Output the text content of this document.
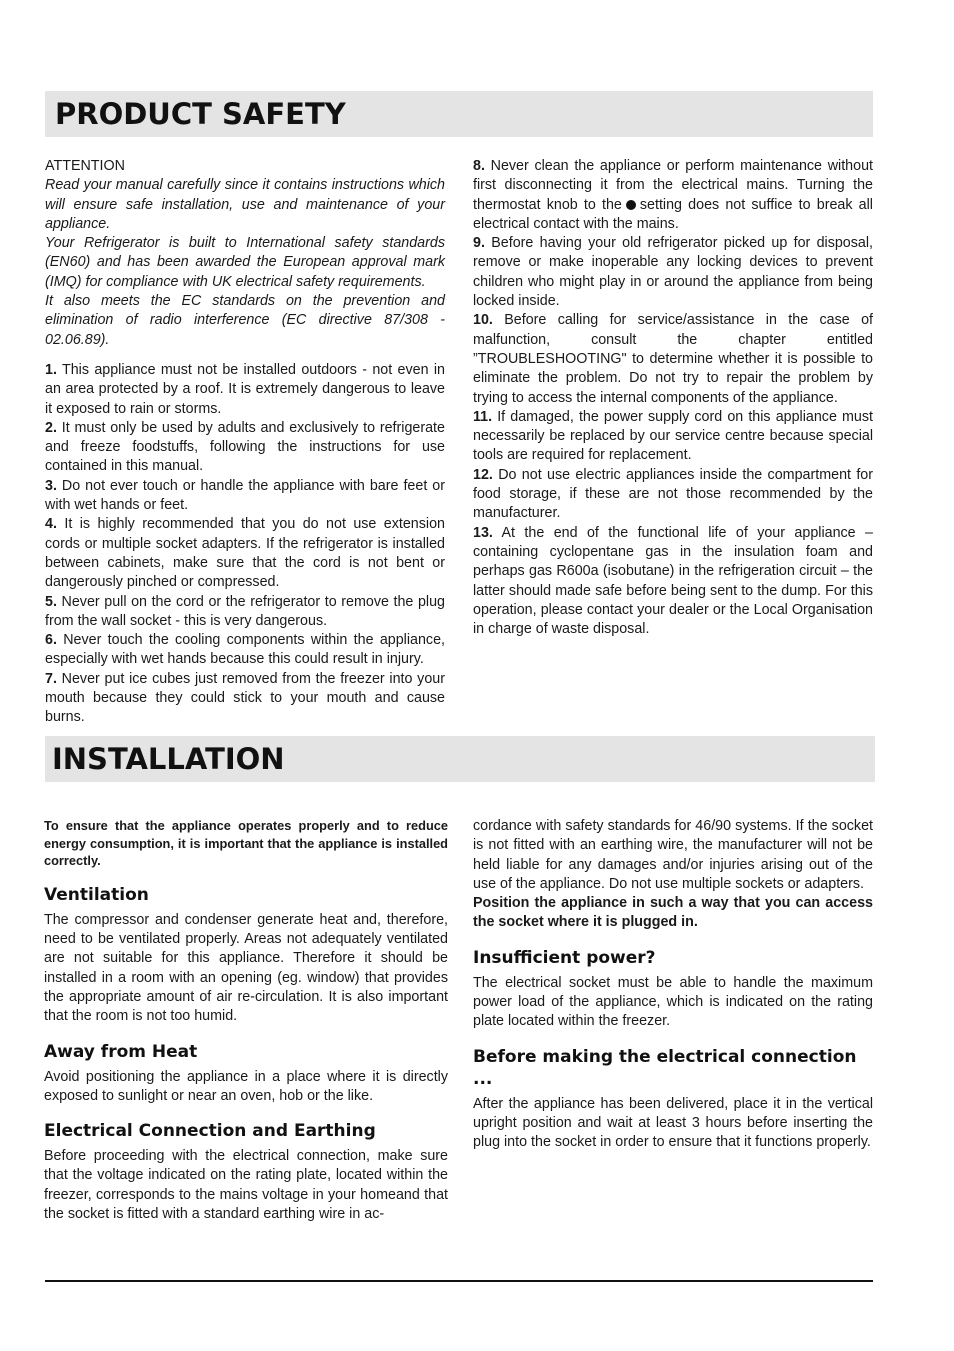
PRODUCT SAFETY

ATTENTION

Read your manual carefully since it contains instructions which will ensure safe installation, use and maintenance of your appliance.

Your Refrigerator is built to International safety standards (EN60) and has been awarded the European approval mark (IMQ) for compliance with UK electrical safety requirements.

It also meets the EC standards on the prevention and elimination of radio interference (EC directive 87/308 - 02.06.89).

1. This appliance must not be installed outdoors - not even in an area protected by a roof. It is extremely dangerous to leave it exposed to rain or storms.

2. It must only be used by adults and exclusively to refrigerate and freeze foodstuffs, following the instructions for use contained in this manual.

3. Do not ever touch or handle the appliance with bare feet or with wet hands or feet.

4. It is highly recommended that you do not use extension cords or multiple socket adapters. If the refrigerator is installed between cabinets, make sure that the cord is not bent or dangerously pinched or compressed.

5. Never pull on the cord or the refrigerator to remove the plug from the wall socket - this is very dangerous.

6. Never touch the cooling components within the appliance, especially with wet hands because this could result in injury.

7. Never put ice cubes just removed from the freezer into your mouth because they could stick to your mouth and cause burns.

8. Never clean the appliance or perform maintenance without first disconnecting it from the electrical mains. Turning the thermostat knob to the setting does not suffice to break all electrical contact with the mains.

9. Before having your old refrigerator picked up for disposal, remove or make inoperable any locking devices to prevent children who might play in or around the appliance from being locked inside.

10. Before calling for service/assistance in the case of malfunction, consult the chapter entitled ”TROUBLESHOOTING" to determine whether it is possible to eliminate the problem. Do not try to repair the problem by trying to access the internal components of the appliance.

11. If damaged, the power supply cord on this appliance must necessarily be replaced by our service centre because special tools are required for replacement.

12. Do not use electric appliances inside the compartment for food storage, if these are not those recommended by the manufacturer.

13. At the end of the functional life of your appliance – containing cyclopentane gas in the insulation foam and perhaps gas R600a (isobutane) in the refrigeration circuit – the latter should made safe before being sent to the dump. For this operation, please contact your dealer or the Local Organisation in charge of waste disposal.

INSTALLATION

To ensure that the appliance operates properly and to reduce energy consumption, it is important that the appliance is installed correctly.

Ventilation

The compressor and condenser generate heat and, therefore, need to be ventilated properly. Areas not adequately ventilated are not suitable for this appliance. Therefore it should be installed in a room with an opening (eg. window) that provides the appropriate amount of air re-circulation. It is also important that the room is not too humid.

Away from Heat

Avoid positioning the appliance in a place where it is directly exposed to sunlight or near an oven, hob or the like.

Electrical Connection and Earthing

Before proceeding with the electrical connection, make sure that the voltage indicated on the rating plate, located within the freezer, corresponds to the mains voltage in your homeand that the socket is fitted with a standard earthing wire in ac-

cordance with safety standards for 46/90 systems. If the socket is not fitted with an earthing wire, the manufacturer will not be held liable for any damages and/or injuries arising out of the use of the appliance. Do not use multiple sockets or adapters.

Position the appliance in such a way that you can access the socket where it is plugged in.

Insufficient power?

The electrical socket must be able to handle the maximum power load of the appliance, which is indicated on the rating plate located within the freezer.

Before making the electrical connection ...

After the appliance has been delivered, place it in the vertical upright position and wait at least 3 hours before inserting the plug into the socket in order to ensure that it functions properly.
